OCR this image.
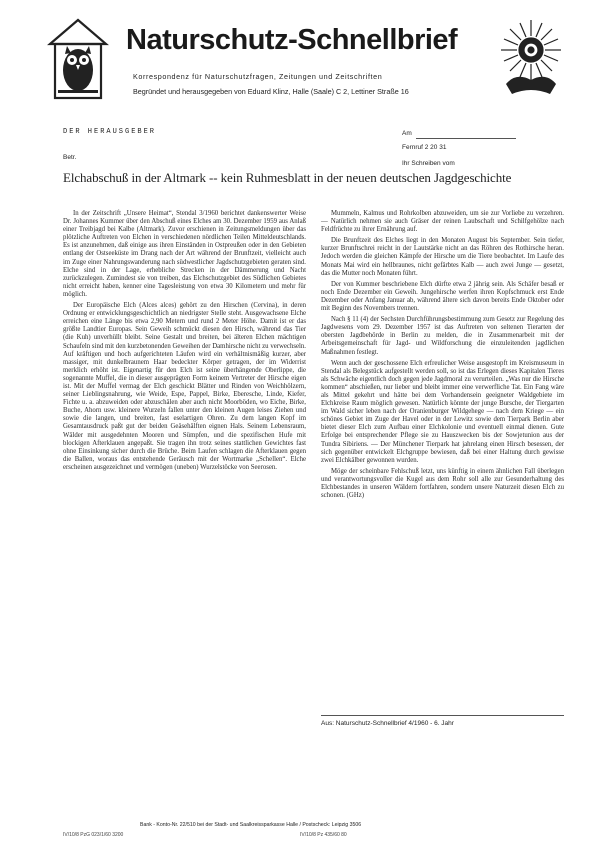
Naturschutz-Schnellbrief
Korrespondenz für Naturschutzfragen, Zeitungen und Zeitschriften
Begründet und herausgegeben von Eduard Klinz, Halle (Saale) C 2, Lettiner Straße 16
DER HERAUSGEBER
Betr.
Am
Fernruf 2 20 31
Ihr Schreiben vom
Elchabschuß in der Altmark -- kein Ruhmesblatt in der neuen deutschen Jagdgeschichte

In der Zeitschrift „Unsere Heimat“, Stendal 3/1960 berichtet dankenswerter Weise Dr. Johannes Kummer über den Abschuß eines Elches am 30. Dezember 1959 aus Anlaß einer Treibjagd bei Kalbe (Altmark). Zuvor erschienen in Zeitungsmeldungen über das plötzliche Auftreten von Elchen in verschiedenen nördlichen Teilen Mitteldeutschlands. Es ist anzunehmen, daß einige aus ihren Einständen in Ostpreußen oder in den Gebieten entlang der Ostseeküste im Drang nach der Art während der Brunftzeit, vielleicht auch im Zuge einer Nahrungswanderung nach südwestlicher Jagdschutzgebieten geraten sind. Elche sind in der Lage, erhebliche Strecken in der Dämmerung und Nacht zurückzulegen. Zumindest sie von treiben, das Elchschutzgebiet des Südlichen Gebietes nicht erreicht haben, kenner eine Tagesleistung von etwa 30 Kilometern und mehr für möglich.

Der Europäische Elch (Alces alces) gehört zu den Hirschen (Cervina), in deren Ordnung er entwicklungsgeschichtlich an niedrigster Stelle steht. Ausgewachsene Elche erreichen eine Länge bis etwa 2,90 Metern und rund 2 Meter Höhe. Damit ist er das größte Landtier Europas. Sein Geweih schmückt diesen den Hirsch, während das Tier (die Kuh) unverhüllt bleibt. Seine Gestalt und breiten, bei älteren Elchen mächtigen Schaufeln sind mit den kurzbetonenden Geweihen der Damhirsche nicht zu verwechseln. Auf kräftigen und hoch aufgerichteten Läufen wird ein verhältnismäßig kurzer, aber massiger, mit dunkelbraunem Haar bedeckter Körper getragen, der im Widerrist merklich erhöht ist. Eigenartig für den Elch ist seine überhängende Oberlippe, die sogenannte Muffel, die in dieser ausgeprägten Form keinem Vertreter der Hirsche eigen ist. Mit der Muffel vermag der Elch geschickt Blätter und Rinden von Weichhölzern, seiner Lieblingsnahrung, wie Weide, Espe, Pappel, Birke, Eberesche, Linde, Kiefer, Fichte u. a. abzuweiden oder abzuschälen aber auch nicht Moorböden, wo Eiche, Birke, Buche, Ahorn usw. kleinere Wurzeln fallen unter den kleinen Augen leises Ziehen und sowie die langen, und breiten, fast eselartigen Ohren. Zu dem langen Kopf im Gesamtausdruck paßt gut der beiden Geäsehälften eignen Hals. Seinem Lebensraum, Wälder mit ausgedehnten Mooren und Sümpfen, und die spezifischen Hufe mit blockigen Afterklauen angepaßt. Sie tragen ihn trotz seines stattlichen Gewichtes fast ohne Einsinkung sicher durch die Brüche. Beim Laufen schlagen die Afterklauen gegen die Ballen, woraus das entstehende Geräusch mit der Wortmarke „Schellen“. Elche erscheinen ausgezeichnet und vermögen (uneben) Wurzelstöcke von Seerosen.

Mummeln, Kalmus und Rohrkolben abzuweiden, um sie zur Vorliebe zu verzehren. — Natürlich nehmen sie auch Gräser der reinen Laubschaft und Schilfgehölze nach Feldfrüchte zu ihrer Ernährung auf.

Die Brunftzeit des Elches liegt in den Monaten August bis September. Sein tiefer, kurzer Brunftschrei reicht in der Lautstärke nicht an das Röhren des Rothirsche heran. Jedoch werden die gleichen Kämpfe der Hirsche um die Tiere beobachtet. Im Laufe des Monats Mai wird ein hellbraunes, nicht gefärbtes Kalb — auch zwei Junge — gesetzt, das die Mutter noch Monaten führt.

Der von Kummer beschriebene Elch dürfte etwa 2 jährig sein. Als Schäfer besaß er noch Ende Dezember ein Geweih. Jungehirsche werfen ihren Kopfschmuck erst Ende Dezember oder Anfang Januar ab, während ältere sich davon bereits Ende Oktober oder mit Beginn des Novembers trennen.

Nach § 11 (4) der Sechsten Durchführungsbestimmung zum Gesetz zur Regelung des Jagdwesens vom 29. Dezember 1957 ist das Auftreten von seltenen Tierarten der obersten Jagdbehörde in Berlin zu melden, die in Zusammenarbeit mit der Arbeitsgemeinschaft für Jagd- und Wildforschung die einzuleitenden jagdlichen Maßnahmen festlegt.

Wenn auch der geschossene Elch erfreulicher Weise ausgestopft im Kreismuseum in Stendal als Belegstück aufgestellt werden soll, so ist das Erlegen dieses Kapitalen Tieres als Schwäche eigentlich doch gegen jede Jagdmoral zu verurteilen. „Was nur die Hirsche kommen“ abschießen, nur lieber und bleibt immer eine verwerfliche Tat. Ein Fang wäre als Mittel gekehrt und hätte bei dem Vorhandensein geeigneter Waldgebiete im Elchkreise Raum möglich gewesen. Natürlich könnte der junge Bursche, der Tiergarten im Wald sicher leben nach der Oranienburger Wildgehege — nach dem Kriege — ein schönes Gebiet im Zuge der Havel oder in der Lewitz sowie dem Tierpark Berlin aber bietet dieser Elch zum Aufbau einer Elchkolonie und eventuell einmal dienen. Gute Erfolge bei entsprechender Pflege sie zu Hauszwecken bis der Sowjetunion aus der Tundra Sibiriens. — Der Münchener Tierpark hat jahrelang einen Hirsch besessen, der sich gegenüber entwickelt Elchgruppe bewiesen, daß bei einer Haltung durch gewisse zwei Elchkälber gewonnen wurden.

Möge der scheinbare Fehlschuß letzt, uns künftig in einem ähnlichen Fall überlegen und verantwortungsvoller die Kugel aus dem Rohr soll alle zur Gesunderhaltung des Elchbestandes in unseren Wäldern fortfahren, sondern unsere Naturzeit diesen Elch zu schonen. (GHz)

Aus: Naturschutz-Schnellbrief 4/1960 - 6. Jahr
Bank - Konto-Nr. 22/510 bei der Stadt- und Saalkreissparkasse Halle / Postscheck: Leipzig 3506
IV/10/8 PzG 023/1/60 3200	IV/10/8 Pz 435/60 80
